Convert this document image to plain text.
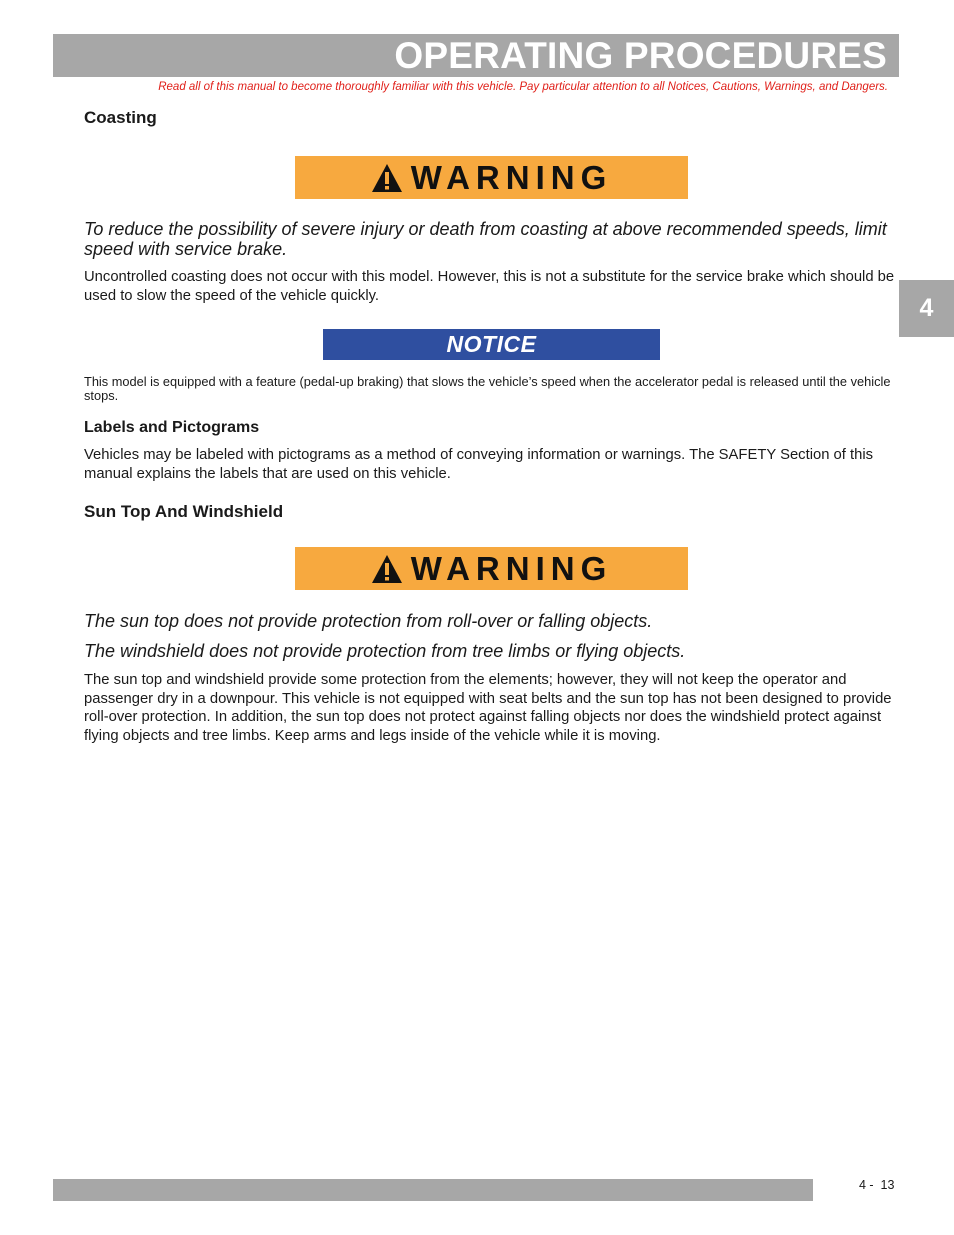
OPERATING PROCEDURES
Read all of this manual to become thoroughly familiar with this vehicle. Pay particular attention to all Notices, Cautions, Warnings, and Dangers.
4
Coasting
WARNING
To reduce the possibility of severe injury or death from coasting at above recommended speeds, limit speed with service brake.
Uncontrolled coasting does not occur with this model. However, this is not a substitute for the service brake which should be used to slow the speed of the vehicle quickly.
NOTICE
This model is equipped with a feature (pedal-up braking) that slows the vehicle’s speed when the accelerator pedal is released until the vehicle stops.
Labels and Pictograms
Vehicles may be labeled with pictograms as a method of conveying information or warnings. The SAFETY Section of this manual explains the labels that are used on this vehicle.
Sun Top And Windshield
WARNING
The sun top does not provide protection from roll-over or falling objects.
The windshield does not provide protection from tree limbs or flying objects.
The sun top and windshield provide some protection from the elements; however, they will not keep the operator and passenger dry in a downpour. This vehicle is not equipped with seat belts and the sun top has not been designed to provide roll-over protection. In addition, the sun top does not protect against falling objects nor does the windshield protect against flying objects and tree limbs. Keep arms and legs inside of the vehicle while it is moving.
4 -  13
